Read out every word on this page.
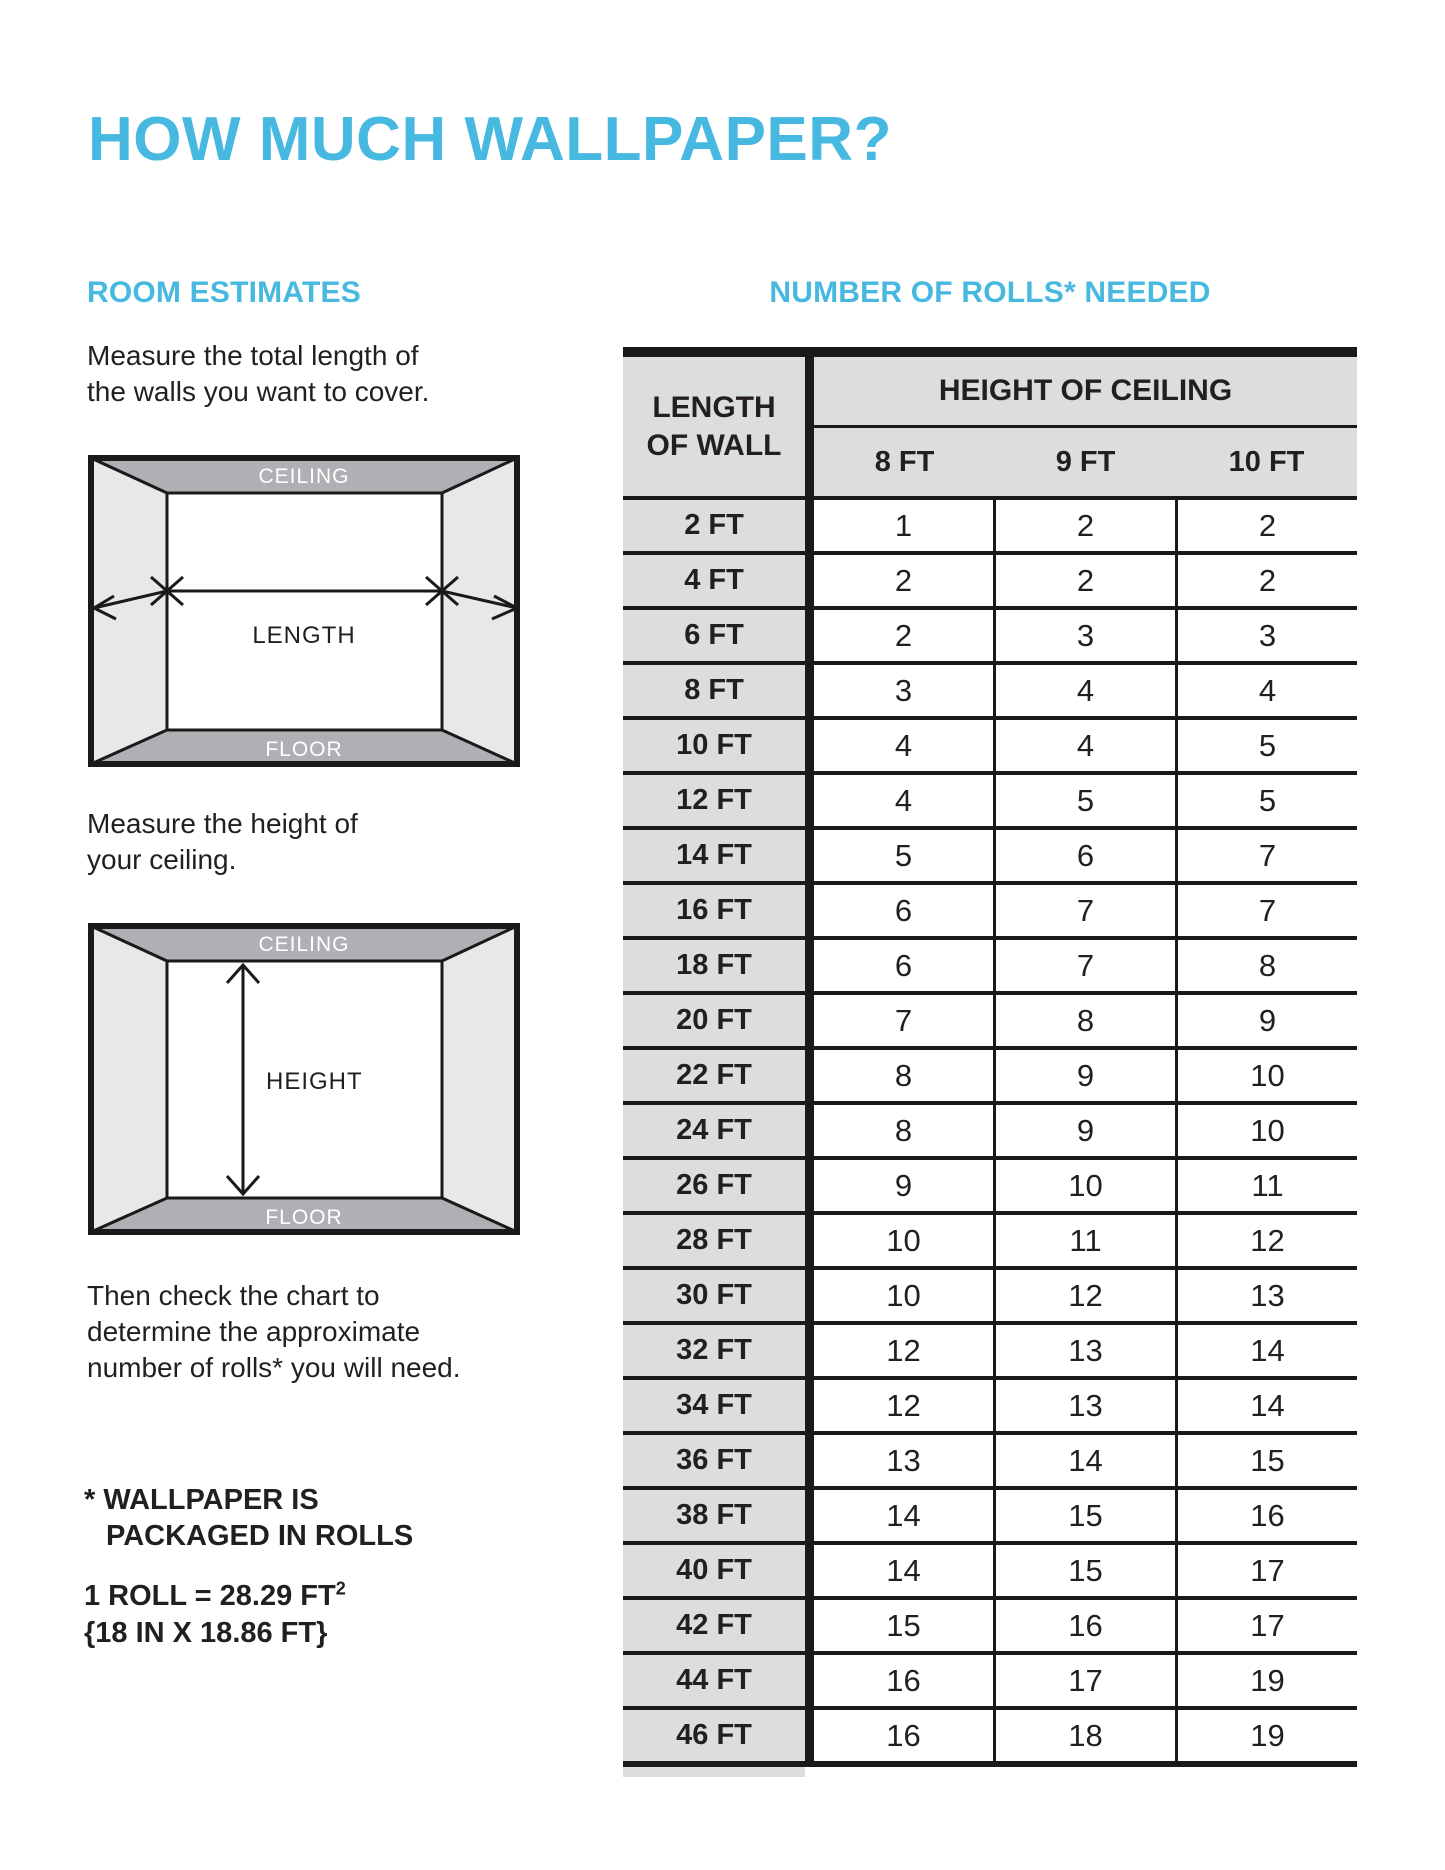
HOW MUCH WALLPAPER?
ROOM ESTIMATES
Measure the total length of
the walls you want to cover.
CEILING
FLOOR
LENGTH
Measure the height of
your ceiling.
CEILING
FLOOR
HEIGHT
Then check the chart to
determine the approximate
number of rolls* you will need.
* WALLPAPER IS
PACKAGED IN ROLLS
1 ROLL = 28.29 $FT^2$
{18 IN X 18.86 FT}
NUMBER OF ROLLS* NEEDED
LENGTH
OF WALL
HEIGHT OF CEILING
8 FT	9 FT	10 FT
2 FT	1	2	2
4 FT	2	2	2
6 FT	2	3	3
8 FT	3	4	4
10 FT	4	4	5
12 FT	4	5	5
14 FT	5	6	7
16 FT	6	7	7
18 FT	6	7	8
20 FT	7	8	9
22 FT	8	9	10
24 FT	8	9	10
26 FT	9	10	11
28 FT	10	11	12
30 FT	10	12	13
32 FT	12	13	14
34 FT	12	13	14
36 FT	13	14	15
38 FT	14	15	16
40 FT	14	15	17
42 FT	15	16	17
44 FT	16	17	19
46 FT	16	18	19
